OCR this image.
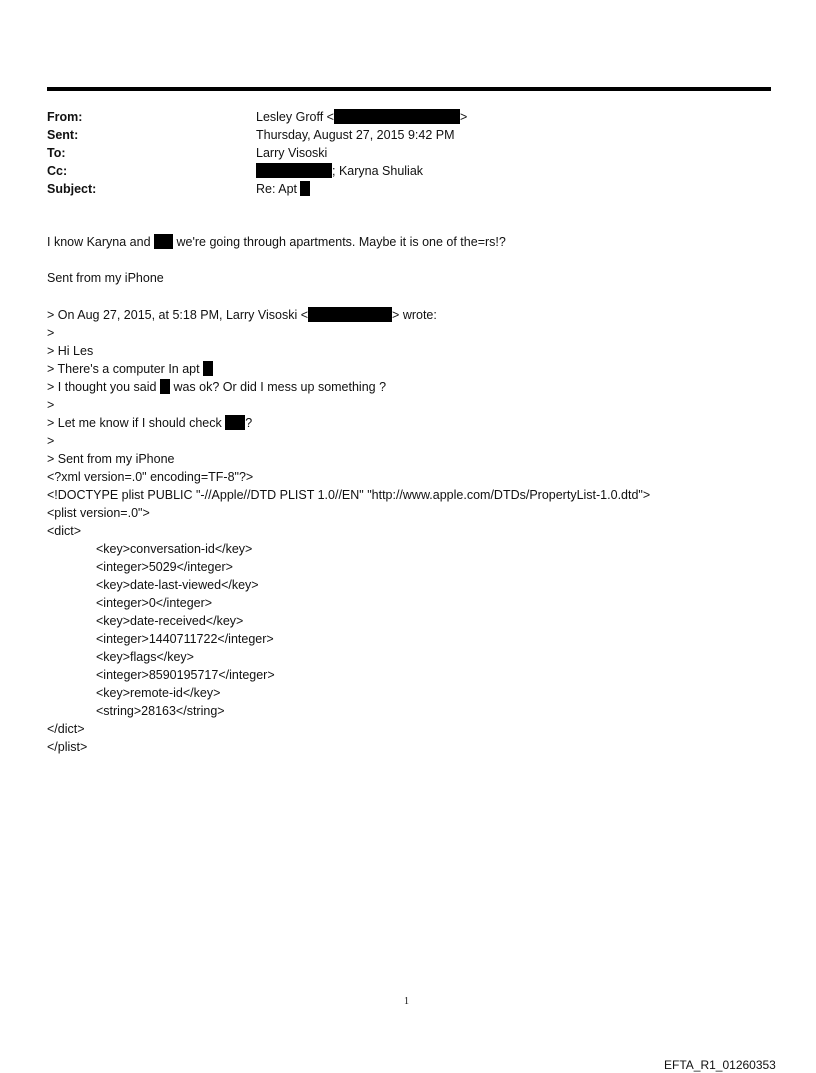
From:	Lesley Groff <	>
Sent:	Thursday, August 27, 2015 9:42 PM
To:	Larry Visoski
Cc:	; Karyna Shuliak
Subject:	Re: Apt
I know Karyna and we're going through apartments. Maybe it is one of the=rs!?
Sent from my iPhone
> On Aug 27, 2015, at 5:18 PM, Larry Visoski <	> wrote:
>
> Hi Les
> There's a computer In apt
> I thought you said was ok? Or did I mess up something ?
>
> Let me know if I should check ?
>
> Sent from my iPhone
<?xml version=.0" encoding=TF-8"?>
<!DOCTYPE plist PUBLIC "-//Apple//DTD PLIST 1.0//EN" "http://www.apple.com/DTDs/PropertyList-1.0.dtd">
<plist version=.0">
<dict>
<key>conversation-id</key>
<integer>5029</integer>
<key>date-last-viewed</key>
<integer>0</integer>
<key>date-received</key>
<integer>1440711722</integer>
<key>flags</key>
<integer>8590195717</integer>
<key>remote-id</key>
<string>28163</string>
</dict>
</plist>
1
EFTA_R1_01260353
